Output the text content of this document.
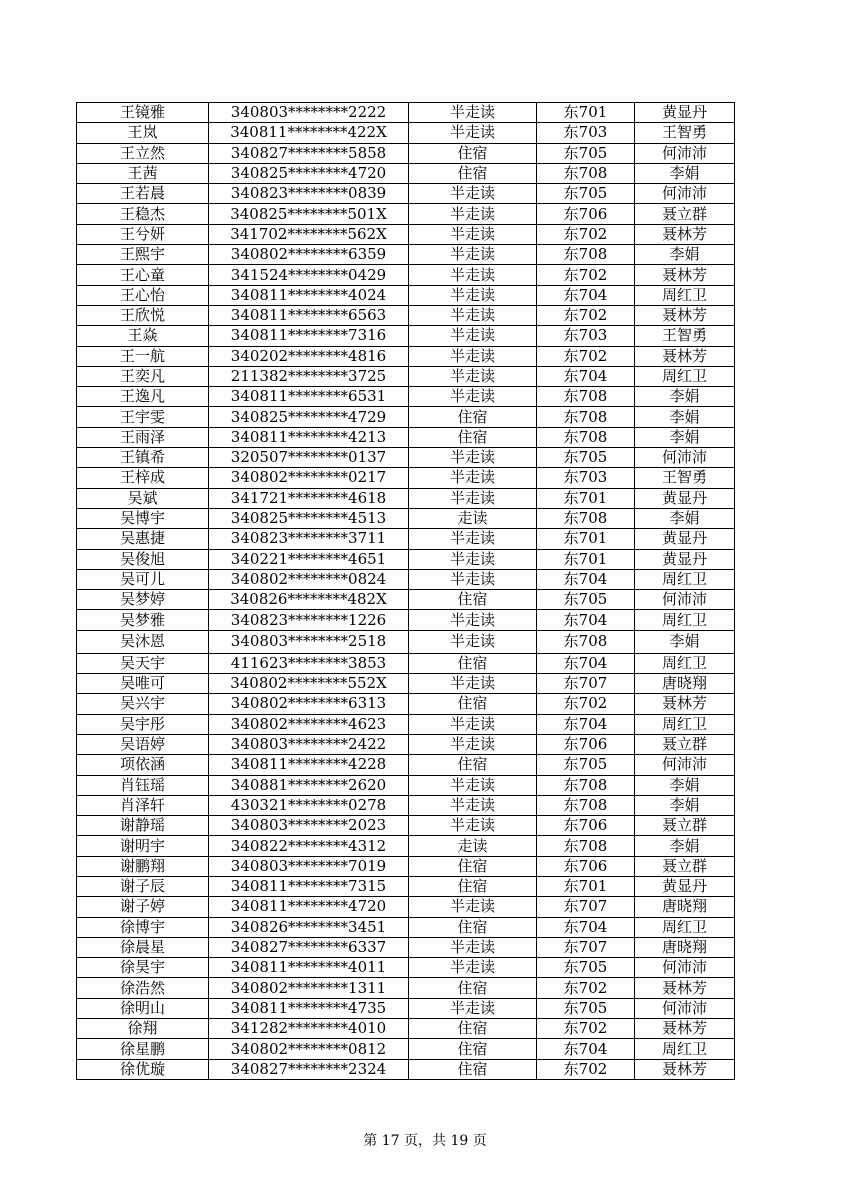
王镜雅	340803********2222	半走读	东701	黄显丹
王岚	340811********422X	半走读	东703	王智勇
王立然	340827********5858	住宿	东705	何沛沛
王茜	340825********4720	住宿	东708	李娟
王若晨	340823********0839	半走读	东705	何沛沛
王稳杰	340825********501X	半走读	东706	聂立群
王兮妍	341702********562X	半走读	东702	聂林芳
王熙宇	340802********6359	半走读	东708	李娟
王心童	341524********0429	半走读	东702	聂林芳
王心怡	340811********4024	半走读	东704	周红卫
王欣悦	340811********6563	半走读	东702	聂林芳
王焱	340811********7316	半走读	东703	王智勇
王一航	340202********4816	半走读	东702	聂林芳
王奕凡	211382********3725	半走读	东704	周红卫
王逸凡	340811********6531	半走读	东708	李娟
王宇雯	340825********4729	住宿	东708	李娟
王雨泽	340811********4213	住宿	东708	李娟
王镇希	320507********0137	半走读	东705	何沛沛
王梓成	340802********0217	半走读	东703	王智勇
吴斌	341721********4618	半走读	东701	黄显丹
吴博宇	340825********4513	走读	东708	李娟
吴惠捷	340823********3711	半走读	东701	黄显丹
吴俊旭	340221********4651	半走读	东701	黄显丹
吴可儿	340802********0824	半走读	东704	周红卫
吴梦婷	340826********482X	住宿	东705	何沛沛
吴梦雅	340823********1226	半走读	东704	周红卫
吴沐恩	340803********2518	半走读	东708	李娟
吴天宇	411623********3853	住宿	东704	周红卫
吴唯可	340802********552X	半走读	东707	唐晓翔
吴兴宇	340802********6313	住宿	东702	聂林芳
吴宇彤	340802********4623	半走读	东704	周红卫
吴语婷	340803********2422	半走读	东706	聂立群
项依涵	340811********4228	住宿	东705	何沛沛
肖钰瑶	340881********2620	半走读	东708	李娟
肖泽轩	430321********0278	半走读	东708	李娟
谢静瑶	340803********2023	半走读	东706	聂立群
谢明宇	340822********4312	走读	东708	李娟
谢鹏翔	340803********7019	住宿	东706	聂立群
谢子辰	340811********7315	住宿	东701	黄显丹
谢子婷	340811********4720	半走读	东707	唐晓翔
徐博宇	340826********3451	住宿	东704	周红卫
徐晨星	340827********6337	半走读	东707	唐晓翔
徐昊宇	340811********4011	半走读	东705	何沛沛
徐浩然	340802********1311	住宿	东702	聂林芳
徐明山	340811********4735	半走读	东705	何沛沛
徐翔	341282********4010	住宿	东702	聂林芳
徐星鹏	340802********0812	住宿	东704	周红卫
徐优璇	340827********2324	住宿	东702	聂林芳
第 17 页，共 19 页
